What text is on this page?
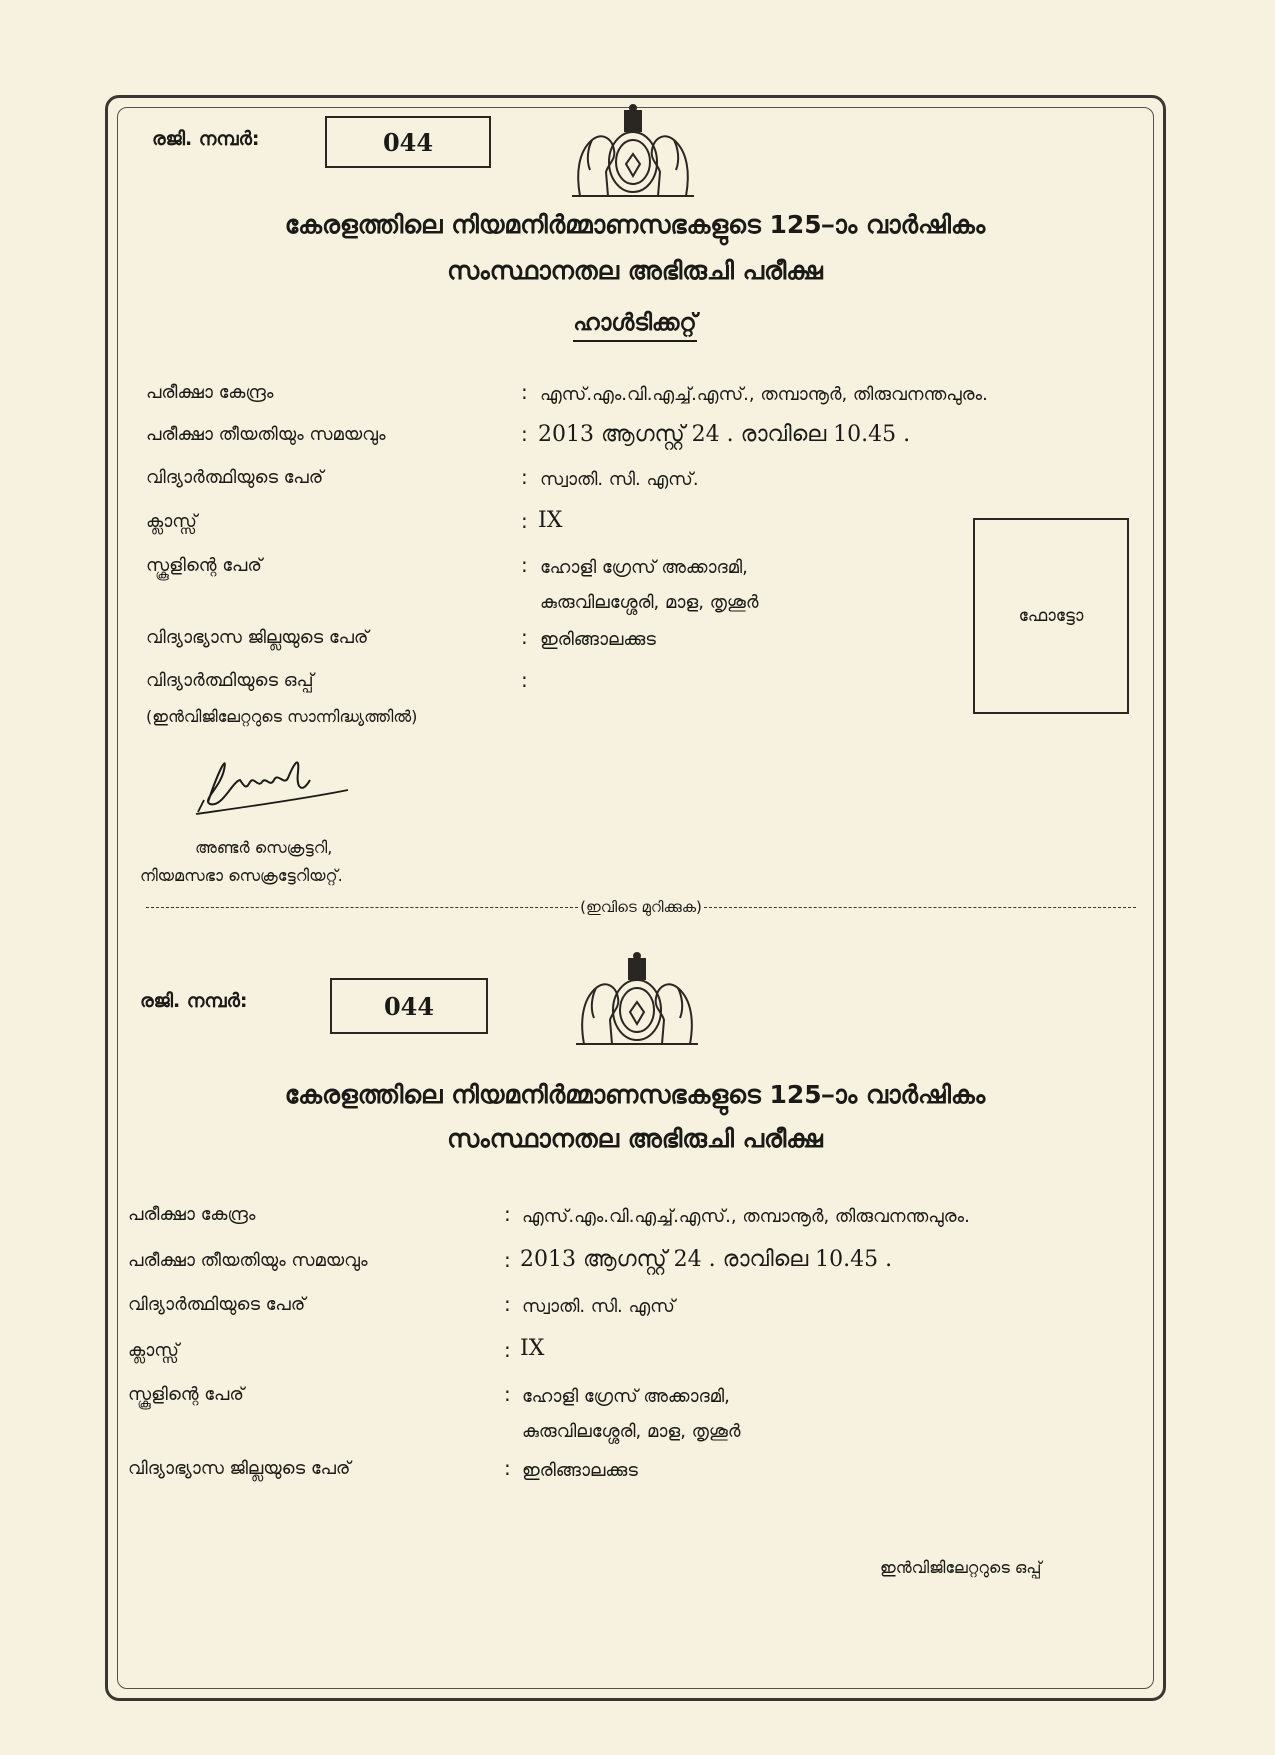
രജി. നമ്പർ:	044
കേരളത്തിലെ നിയമനിർമ്മാണസഭകളുടെ 125–ാം വാർഷികം
സംസ്ഥാനതല അഭിരുചി പരീക്ഷ
ഹാൾടിക്കറ്റ്
പരീക്ഷാ കേന്ദ്രം	: എസ്.എം.വി.എച്ച്.എസ്., തമ്പാനൂർ, തിരുവനന്തപുരം.
പരീക്ഷാ തീയതിയും സമയവും	: 2013 ആഗസ്റ്റ് 24 . രാവിലെ 10.45 .
വിദ്യാർത്ഥിയുടെ പേര്	: സ്വാതി. സി. എസ്.
ക്ലാസ്സ്	: IX
സ്കൂളിന്റെ പേര്	: ഹോളി ഗ്രേസ് അക്കാദമി,
കുരുവിലശ്ശേരി, മാള, തൃശൂർ
വിദ്യാഭ്യാസ ജില്ലയുടെ പേര്	: ഇരിങ്ങാലക്കുട
വിദ്യാർത്ഥിയുടെ ഒപ്പ്	:
(ഇൻവിജിലേറ്ററുടെ സാന്നിദ്ധ്യത്തിൽ)
ഫോട്ടോ
അണ്ടർ സെക്രട്ടറി,
നിയമസഭാ സെക്രട്ടേറിയറ്റ്.
(ഇവിടെ മുറിക്കുക)
രജി. നമ്പർ:	044
കേരളത്തിലെ നിയമനിർമ്മാണസഭകളുടെ 125–ാം വാർഷികം
സംസ്ഥാനതല അഭിരുചി പരീക്ഷ
പരീക്ഷാ കേന്ദ്രം	: എസ്.എം.വി.എച്ച്.എസ്., തമ്പാനൂർ, തിരുവനന്തപുരം.
പരീക്ഷാ തീയതിയും സമയവും	: 2013 ആഗസ്റ്റ് 24 . രാവിലെ 10.45 .
വിദ്യാർത്ഥിയുടെ പേര്	: സ്വാതി. സി. എസ്
ക്ലാസ്സ്	: IX
സ്കൂളിന്റെ പേര്	: ഹോളി ഗ്രേസ് അക്കാദമി,
കുരുവിലശ്ശേരി, മാള, തൃശൂർ
വിദ്യാഭ്യാസ ജില്ലയുടെ പേര്	: ഇരിങ്ങാലക്കുട
ഇൻവിജിലേറ്ററുടെ ഒപ്പ്
